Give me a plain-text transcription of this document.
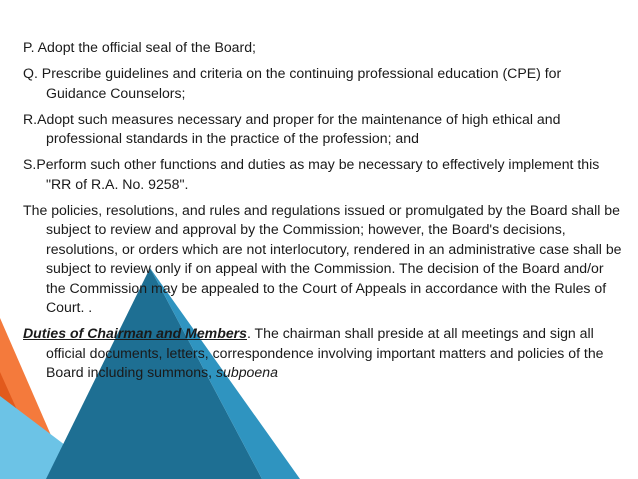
P. Adopt the official seal of the Board;

Q. Prescribe guidelines and criteria on the continuing professional education (CPE) for Guidance Counselors;

R.Adopt such measures necessary and proper for the maintenance of high ethical and professional standards in the practice of the profession; and

S.Perform such other functions and duties as may be necessary to effectively implement this "RR of R.A. No. 9258".

The policies, resolutions, and rules and regulations issued or promulgated by the Board shall be subject to review and approval by the Commission; however, the Board's decisions, resolutions, or orders which are not interlocutory, rendered in an administrative case shall be subject to review only if on appeal with the Commission. The decision of the Board and/or the Commission may be appealed to the Court of Appeals in accordance with the Rules of Court. .

Duties of Chairman and Members. The chairman shall preside at all meetings and sign all official documents, letters, correspondence involving important matters and policies of the Board including summons, subpoena
